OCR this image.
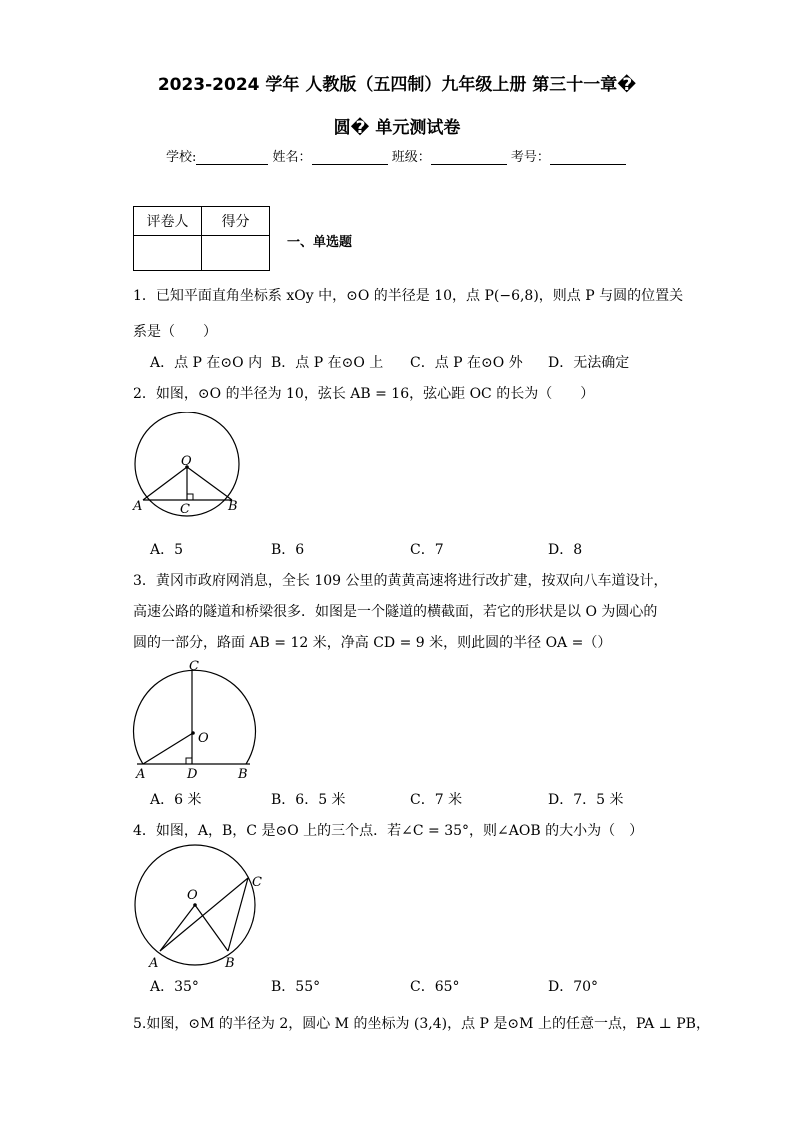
2023-2024 学年 人教版（五四制）九年级上册 第三十一章�
圆� 单元测试卷
学校:	姓名：	班级：	考号：
评卷人	得分

一、单选题
1．已知平面直角坐标系 xOy 中，⊙O 的半径是 10，点 P(−6,8)，则点 P 与圆的位置关
系是（　　）
A．点 P 在⊙O 内 B．点 P 在⊙O 上 C．点 P 在⊙O 外 D．无法确定
2．如图，⊙O 的半径为 10，弦长 AB = 16，弦心距 OC 的长为（　　）
O
A	C	B
A．5	B．6	C．7	D．8
3．黄冈市政府网消息，全长 109 公里的黄黄高速将进行改扩建，按双向八车道设计，
高速公路的隧道和桥梁很多．如图是一个隧道的横截面，若它的形状是以 O 为圆心的
圆的一部分，路面 AB = 12 米，净高 CD = 9 米，则此圆的半径 OA =（）
C
O
A	D	B
A．6 米	B．6．5 米	C．7 米	D．7．5 米
4．如图，A，B，C 是⊙O 上的三个点．若∠C = 35°，则∠AOB 的大小为（　）
O
C
A	B
A．35°	B．55°	C．65°	D．70°
5.如图，⊙M 的半径为 2，圆心 M 的坐标为 (3,4)，点 P 是⊙M 上的任意一点，PA ⊥ PB，
